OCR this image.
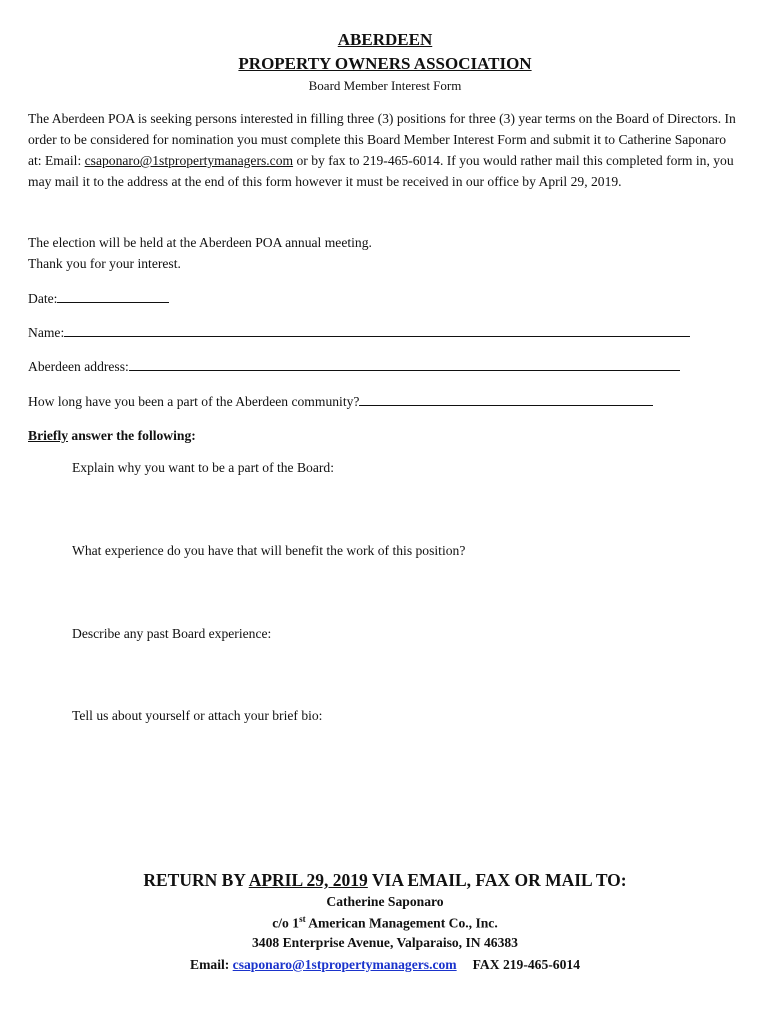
ABERDEEN
PROPERTY OWNERS ASSOCIATION
Board Member Interest Form
The Aberdeen POA is seeking persons interested in filling three (3) positions for three (3) year terms on the Board of Directors. In order to be considered for nomination you must complete this Board Member Interest Form and submit it to Catherine Saponaro at: Email: csaponaro@1stpropertymanagers.com or by fax to 219-465-6014. If you would rather mail this completed form in, you may mail it to the address at the end of this form however it must be received in our office by April 29, 2019.
The election will be held at the Aberdeen POA annual meeting.
Thank you for your interest.
Date:
Name:
Aberdeen address:
How long have you been a part of the Aberdeen community?
Briefly answer the following:
Explain why you want to be a part of the Board:
What experience do you have that will benefit the work of this position?
Describe any past Board experience:
Tell us about yourself or attach your brief bio:
RETURN BY APRIL 29, 2019 VIA EMAIL, FAX OR MAIL TO:
Catherine Saponaro
c/o 1st American Management Co., Inc.
3408 Enterprise Avenue, Valparaiso, IN 46383
Email: csaponaro@1stpropertymanagers.com FAX 219-465-6014
